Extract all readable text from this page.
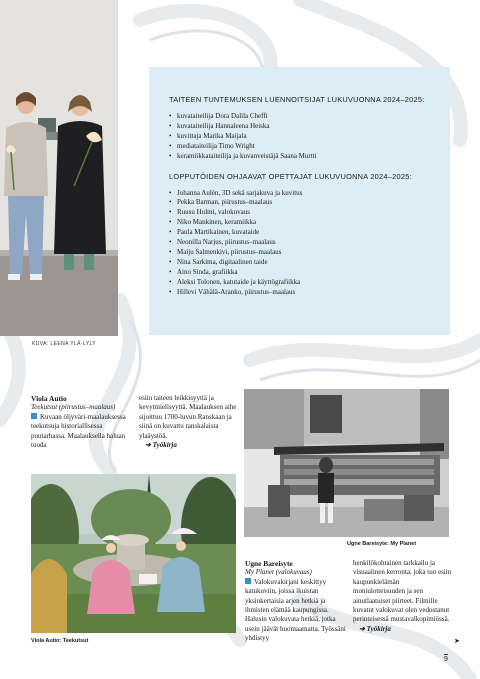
KUVA: LEENA YLÄ-LYLY
TAITEEN TUNTEMUKSEN LUENNOITSIJAT LUKUVUONNA 2024–2025:
• kuvataiteilija Dora Dalila Cheffi
• kuvataiteilija Hannaleena Heiska
• kuvittaja Marika Maijala
• mediataiteilija Timo Wright
• keramiikkataiteilija ja kuvanveistäjä Saana Murtti
LOPPUTÖIDEN OHJAAVAT OPETTAJAT LUKUVUONNA 2024–2025:
• Johanna Aulén, 3D sekä sarjakuva ja kuvitus
• Pekka Barman, piirustus–maalaus
• Ruusu Hulmi, valokuvaus
• Niko Mankinen, keramiikka
• Paula Martikainen, kuvataide
• Neonilla Narjus, piirustus–maalaus
• Maiju Salmenkivi, piirustus–maalaus
• Nina Sarkima, digitaalinen taide
• Aino Sinda, grafiikka
• Aleksi Tolonen, katutaide ja käyttögrafiikka
• Hillevi Vähälä-Aranko, piirustus–maalaus
Viola Autio
Teekutsut (piirustus–maalaus)
Kuvaan öljyväri-maalauksessa teekutsuja historiallisessa puutarhassa. Maalauksella haluan tuoda
esiin taiteen leikkisyyttä ja kevytmielisyyttä. Maalauksen aihe sijoittuu 1700-luvun Ranskaan ja siinä on kuvattu ranskalaista ylaäystöä.
➔ Työkirja
Viola Autio: Teekutsut
Ugne Bareisyte: My Planet
Ugne Bareisyte
My Planet (valokuvaus)
Valokuvakirjani keskittyy katukuviin, joissa ikuistan yksinkertaisia arjen hetkiä ja ihmisten elämää kaupungissa. Halusin valokuvata hetkiä, jotka usein jäävät huomaamatta. Työssäni yhdistyy
henkilökohtainen tarkkailu ja visuaalinen kerronta, joka tuo esiin kaupunkielämän moniulotteisuuden ja sen ainutlaatuiset piirteet. Filmille kuvatut valokuvat olen vedostanut perinteisessä mustavalkopimiössä.
➔ Työkirja
➤
9
